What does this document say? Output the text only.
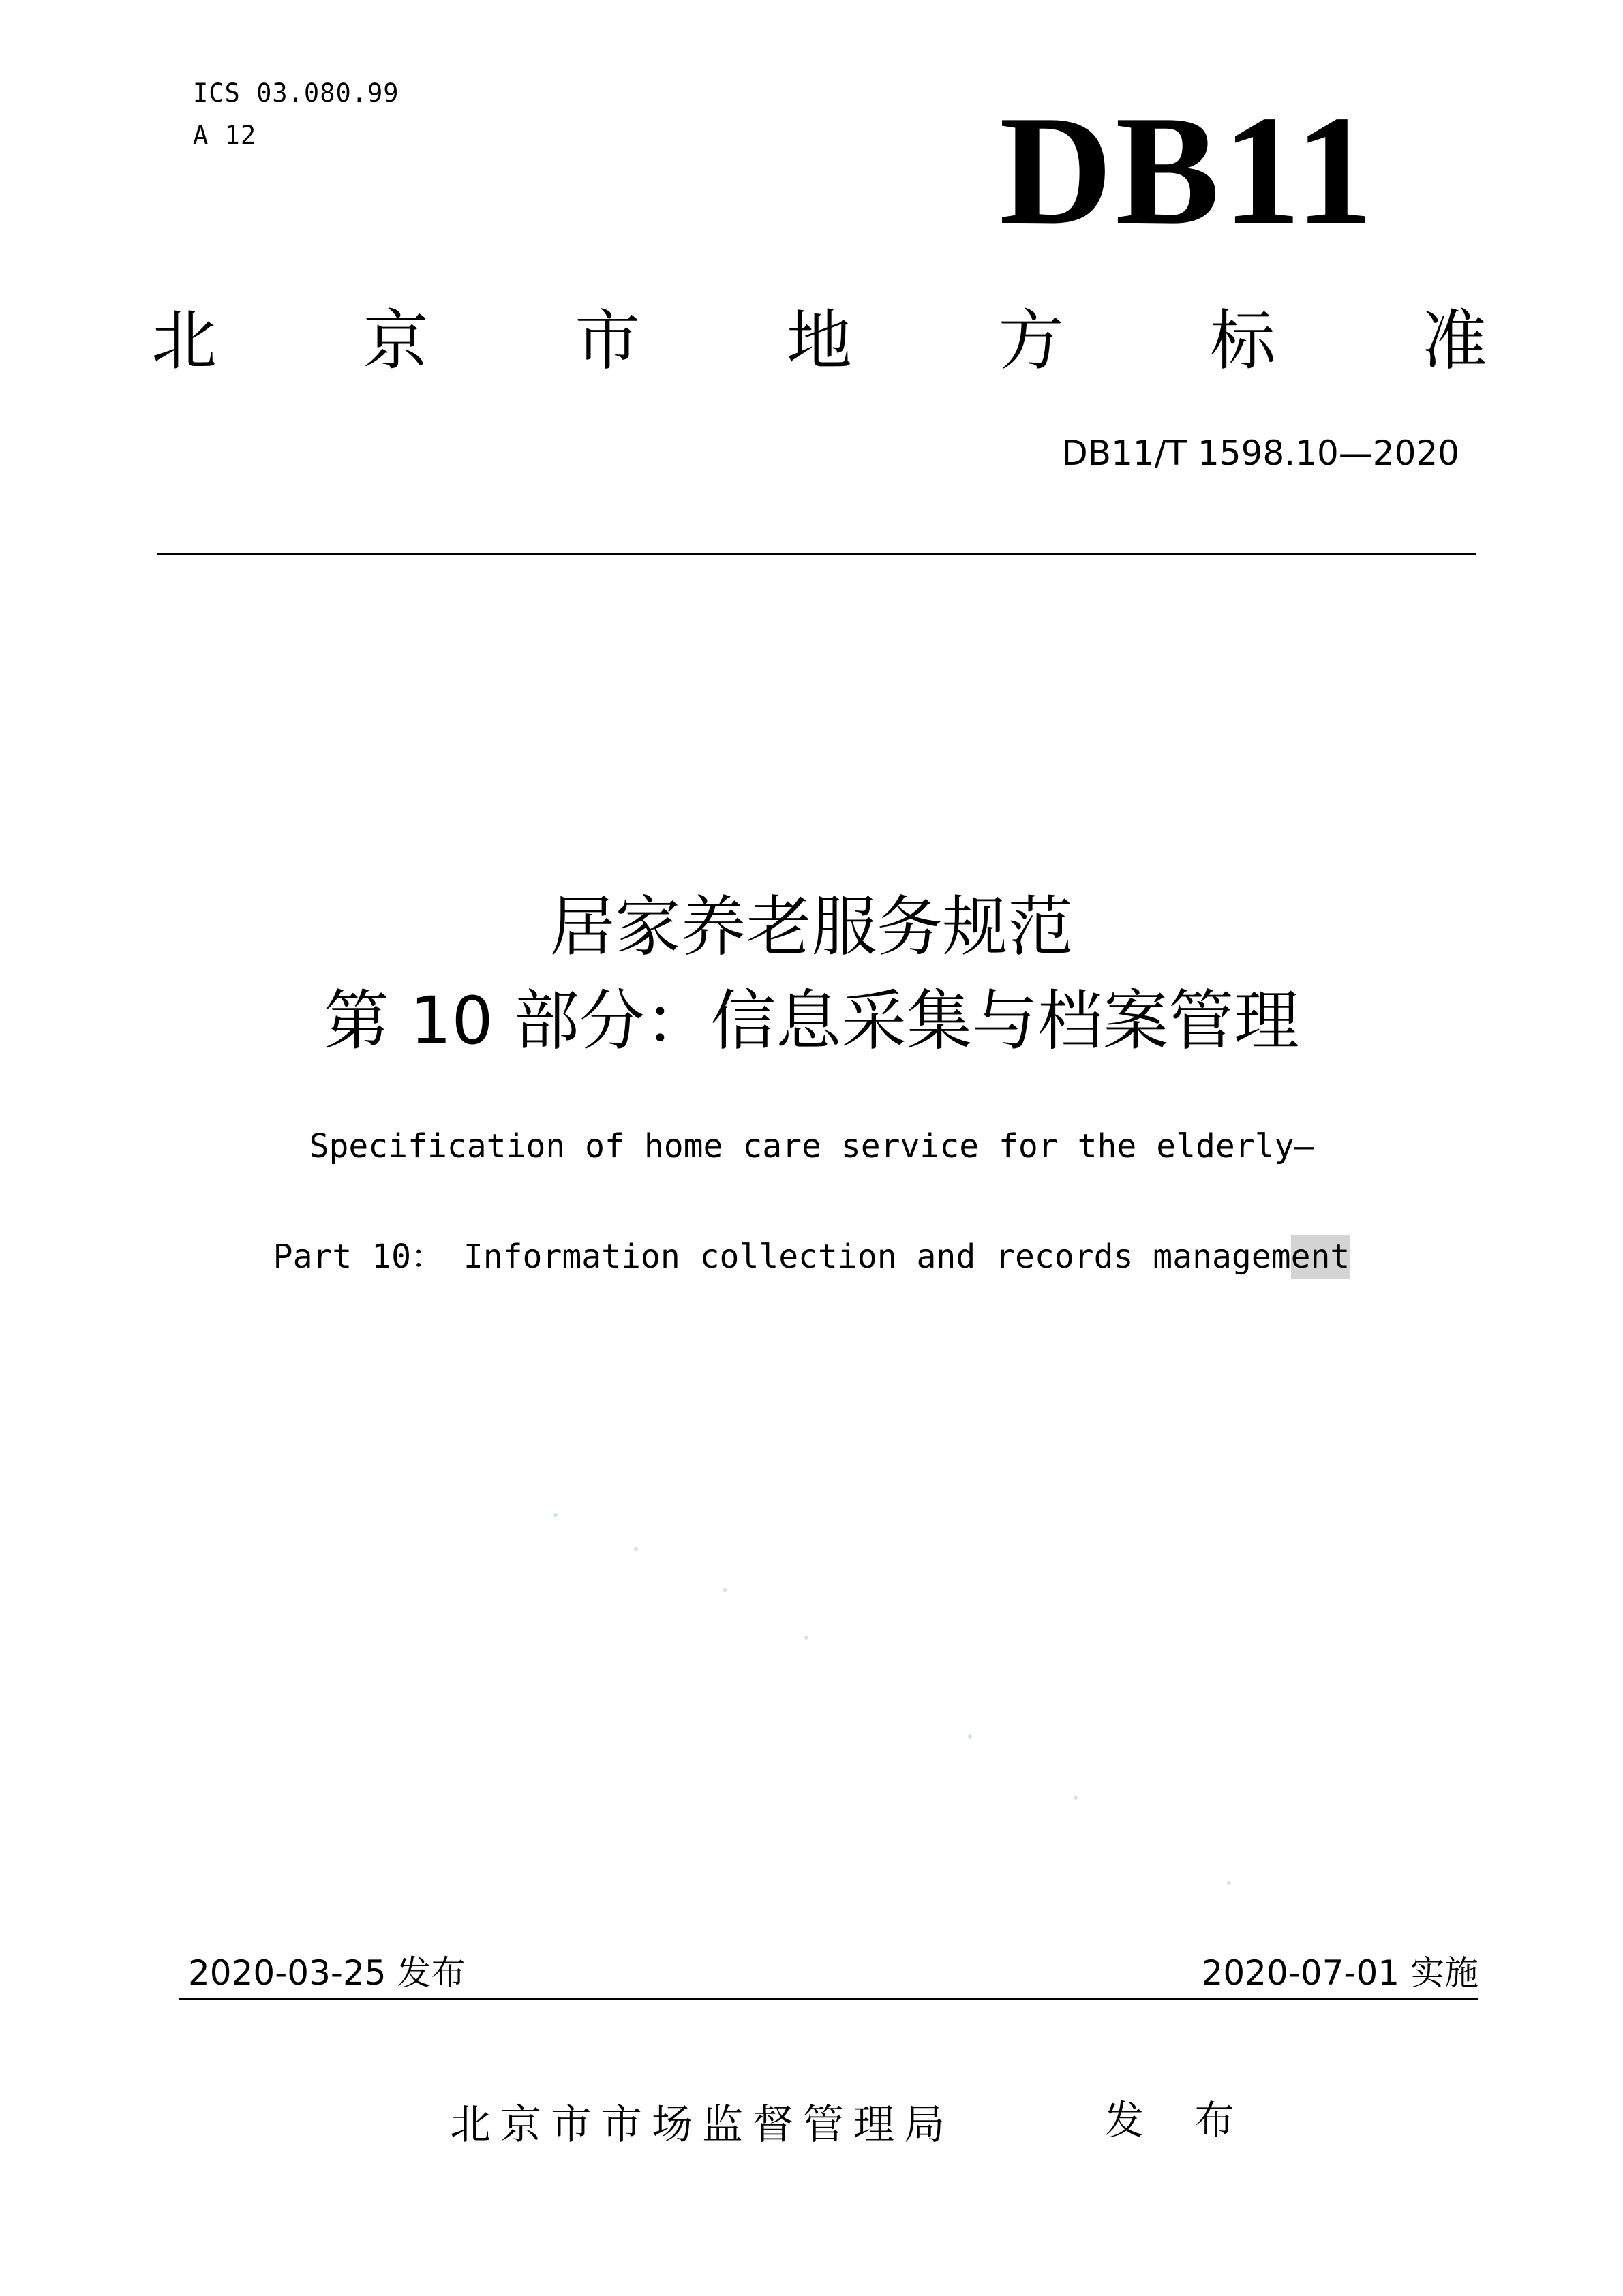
ICS 03.080.99
A 12	DB11
北 京 市 地 方 标 准
DB11/T 1598.10—2020
居家养老服务规范
第 10 部分：信息采集与档案管理
Specification of home care service for the elderly—
Part 10： Information collection and records management
2020-03-25 发布	2020-07-01 实施
北京市市场监督管理局	发 布
